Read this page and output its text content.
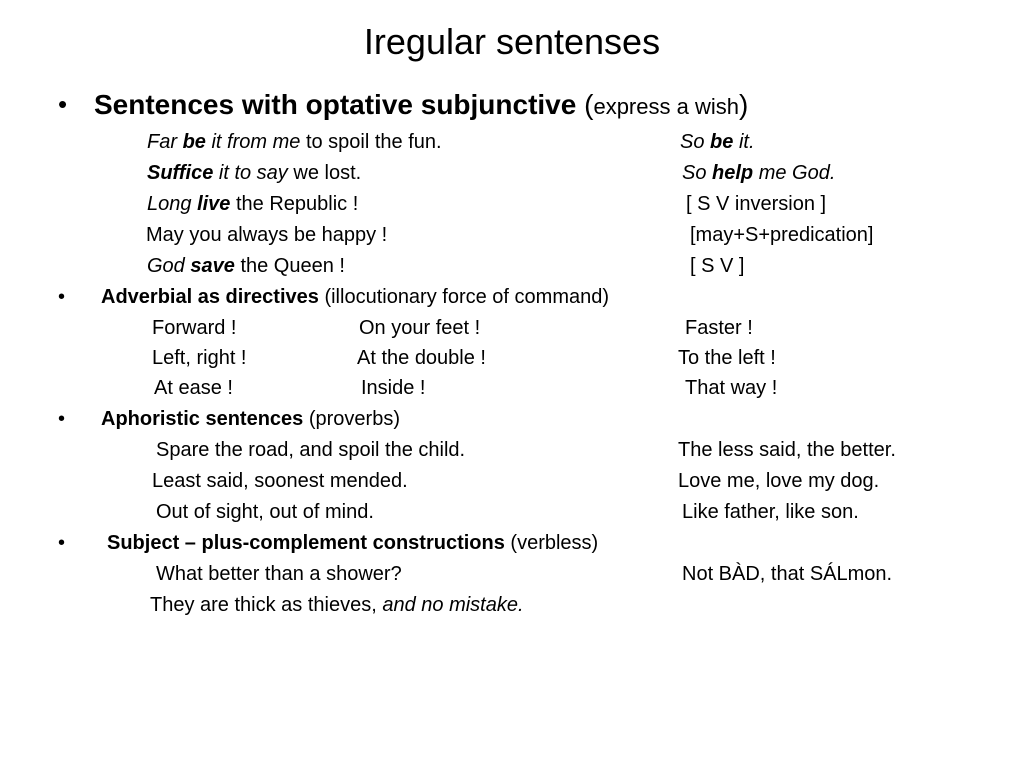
Iregular sentenses
• Sentences with optative subjunctive (express a wish)
Far be it from me to spoil the fun.	So be it.
Suffice it to say we lost.	So help me God.
Long live the Republic !	[ S V inversion ]
May you always be happy !	[may+S+predication]
God save the Queen !	[ S V ]
• Adverbial as directives (illocutionary force of command)
Forward !	On your feet !	Faster !
Left, right !	At the double !	To the left !
At ease !	Inside !	That way !
• Aphoristic sentences (proverbs)
Spare the road, and spoil the child.	The less said, the better.
Least said, soonest mended.	Love me, love my dog.
Out of sight, out of mind.	Like father, like son.
• Subject – plus-complement constructions (verbless)
What better than a shower?	Not BÀD, that SÁLmon.
They are thick as thieves, and no mistake.
